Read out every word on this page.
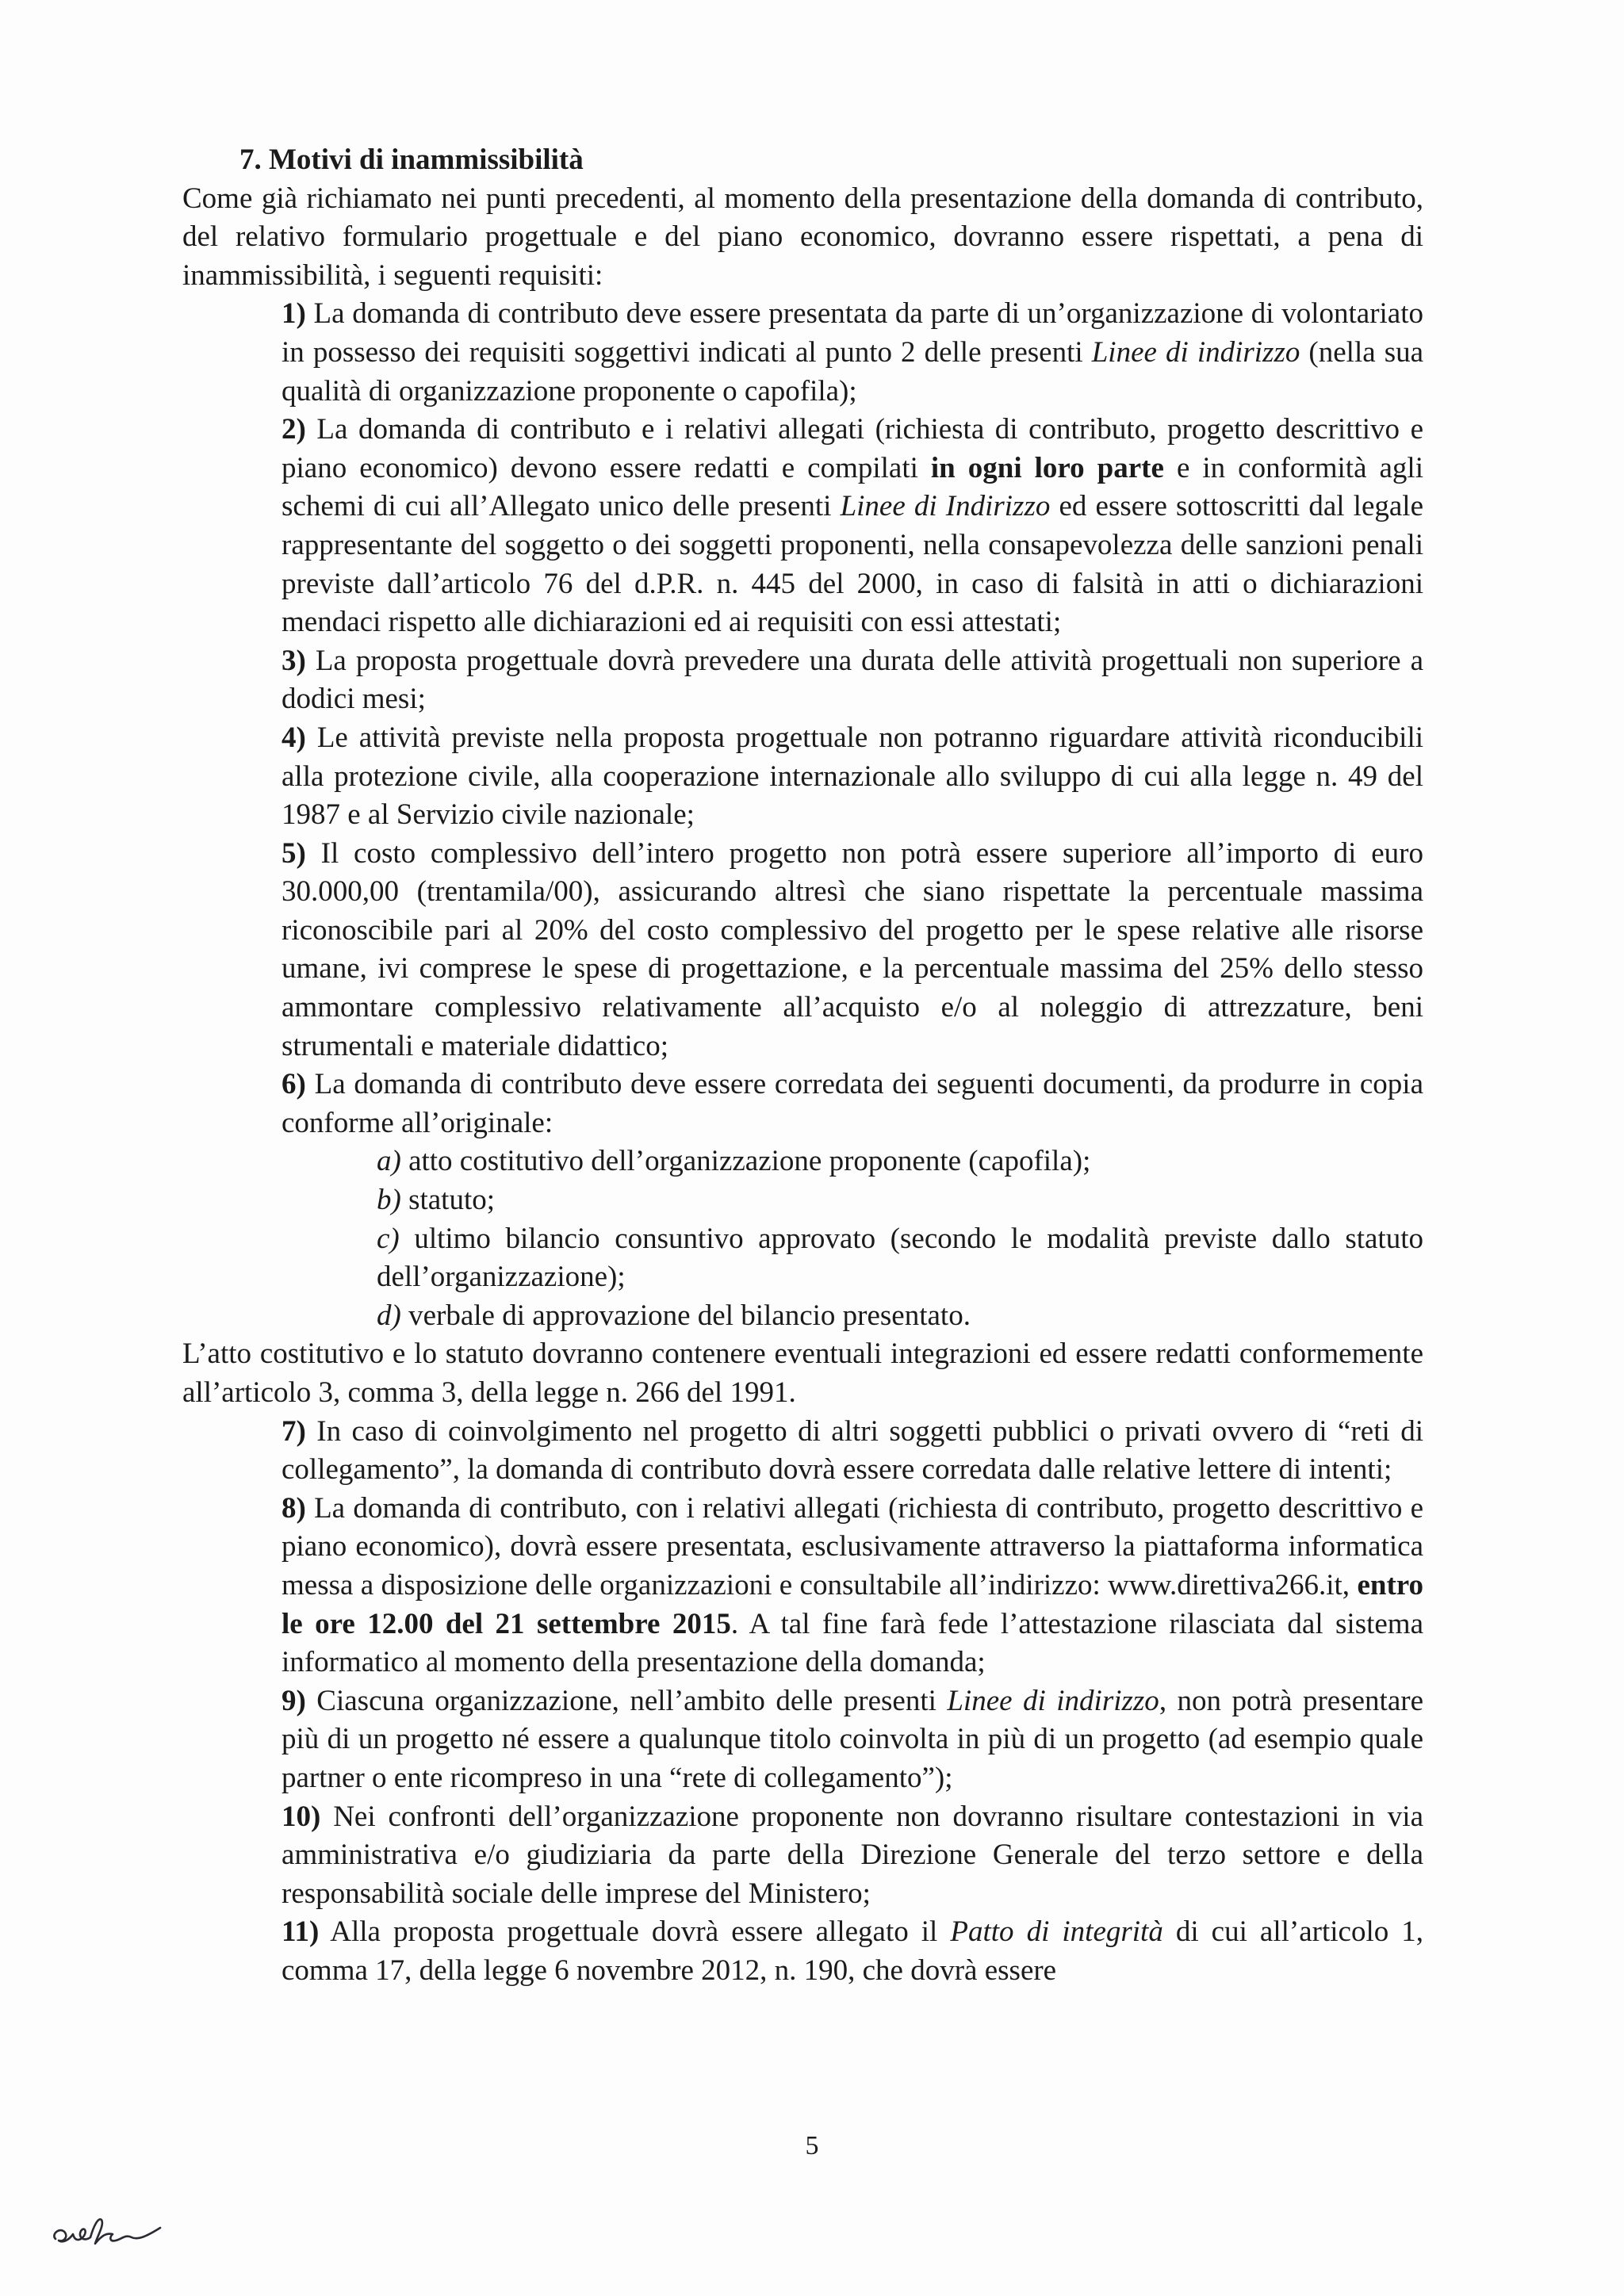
7. Motivi di inammissibilità

Come già richiamato nei punti precedenti, al momento della presentazione della domanda di contributo, del relativo formulario progettuale e del piano economico, dovranno essere rispettati, a pena di inammissibilità, i seguenti requisiti:

1) La domanda di contributo deve essere presentata da parte di un’organizzazione di volontariato in possesso dei requisiti soggettivi indicati al punto 2 delle presenti Linee di indirizzo (nella sua qualità di organizzazione proponente o capofila);

2) La domanda di contributo e i relativi allegati (richiesta di contributo, progetto descrittivo e piano economico) devono essere redatti e compilati in ogni loro parte e in conformità agli schemi di cui all’Allegato unico delle presenti Linee di Indirizzo ed essere sottoscritti dal legale rappresentante del soggetto o dei soggetti proponenti, nella consapevolezza delle sanzioni penali previste dall’articolo 76 del d.P.R. n. 445 del 2000, in caso di falsità in atti o dichiarazioni mendaci rispetto alle dichiarazioni ed ai requisiti con essi attestati;

3) La proposta progettuale dovrà prevedere una durata delle attività progettuali non superiore a dodici mesi;

4) Le attività previste nella proposta progettuale non potranno riguardare attività riconducibili alla protezione civile, alla cooperazione internazionale allo sviluppo di cui alla legge n. 49 del 1987 e al Servizio civile nazionale;

5) Il costo complessivo dell’intero progetto non potrà essere superiore all’importo di euro 30.000,00 (trentamila/00), assicurando altresì che siano rispettate la percentuale massima riconoscibile pari al 20% del costo complessivo del progetto per le spese relative alle risorse umane, ivi comprese le spese di progettazione, e la percentuale massima del 25% dello stesso ammontare complessivo relativamente all’acquisto e/o al noleggio di attrezzature, beni strumentali e materiale didattico;

6) La domanda di contributo deve essere corredata dei seguenti documenti, da produrre in copia conforme all’originale:

a) atto costitutivo dell’organizzazione proponente (capofila);

b) statuto;

c) ultimo bilancio consuntivo approvato (secondo le modalità previste dallo statuto dell’organizzazione);

d) verbale di approvazione del bilancio presentato.

L’atto costitutivo e lo statuto dovranno contenere eventuali integrazioni ed essere redatti conformemente all’articolo 3, comma 3, della legge n. 266 del 1991.

7) In caso di coinvolgimento nel progetto di altri soggetti pubblici o privati ovvero di “reti di collegamento”, la domanda di contributo dovrà essere corredata dalle relative lettere di intenti;

8) La domanda di contributo, con i relativi allegati (richiesta di contributo, progetto descrittivo e piano economico), dovrà essere presentata, esclusivamente attraverso la piattaforma informatica messa a disposizione delle organizzazioni e consultabile all’indirizzo: www.direttiva266.it, entro le ore 12.00 del 21 settembre 2015. A tal fine farà fede l’attestazione rilasciata dal sistema informatico al momento della presentazione della domanda;

9) Ciascuna organizzazione, nell’ambito delle presenti Linee di indirizzo, non potrà presentare più di un progetto né essere a qualunque titolo coinvolta in più di un progetto (ad esempio quale partner o ente ricompreso in una “rete di collegamento”);

10) Nei confronti dell’organizzazione proponente non dovranno risultare contestazioni in via amministrativa e/o giudiziaria da parte della Direzione Generale del terzo settore e della responsabilità sociale delle imprese del Ministero;

11) Alla proposta progettuale dovrà essere allegato il Patto di integrità di cui all’articolo 1, comma 17, della legge 6 novembre 2012, n. 190, che dovrà essere

5
